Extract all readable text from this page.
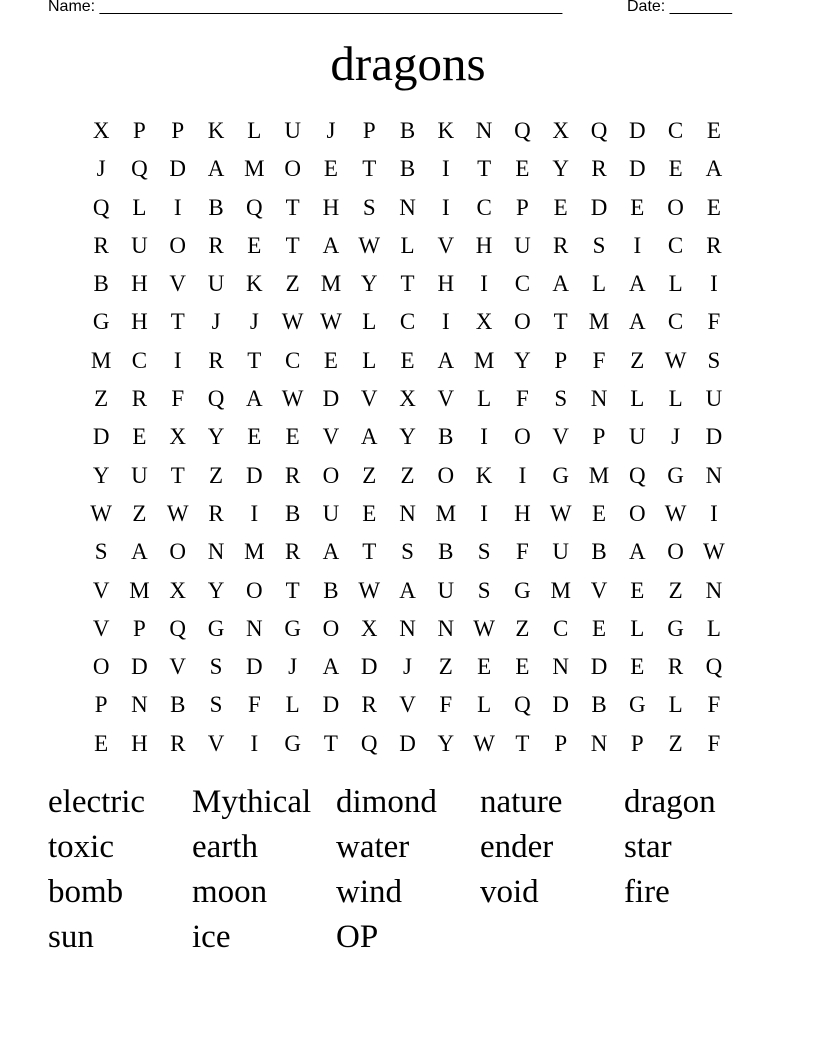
Name: ____________________________________________________	Date: _______
dragons
X	P	P	K L U	J	P	B K N Q X Q D C	E
J	Q D A M O E	T	B	I	T	E Y R D E A
Q L	I	B Q T H	S	N	I	C	P	E D E O E
R U O R	E	T A W L V H U R	S	I	C R
B H V U K Z M Y T H	I	C A L A L	I
G H T	J	J W W L	C	I	X O T M A C	F
M C	I	R	T	C	E	L	E A M Y	P	F	Z W S
Z	R	F	Q A W D V X V L	F	S	N L	L U
D E X Y E	E V A Y B	I	O V	P	U	J	D
Y U T	Z D R O Z	Z O K	I	G M Q G N
W Z W R	I	B U E N M	I	H W E O W	I
S	A O N M R A T	S	B	S	F	U B A O W
V M X Y O T	B W A U	S	G M V E	Z N
V	P	Q G N G O X N N W Z	C	E	L G L
O D V	S	D	J	A D	J	Z	E	E N D E	R Q
P	N B	S	F	L D R V	F	L Q D B G L	F
E H R V	I	G T Q D Y W T	P	N	P	Z	F
electric	Mythical dimond	nature	dragon
toxic	earth	water	ender	star
bomb	moon	wind	void	fire
sun	ice	OP
